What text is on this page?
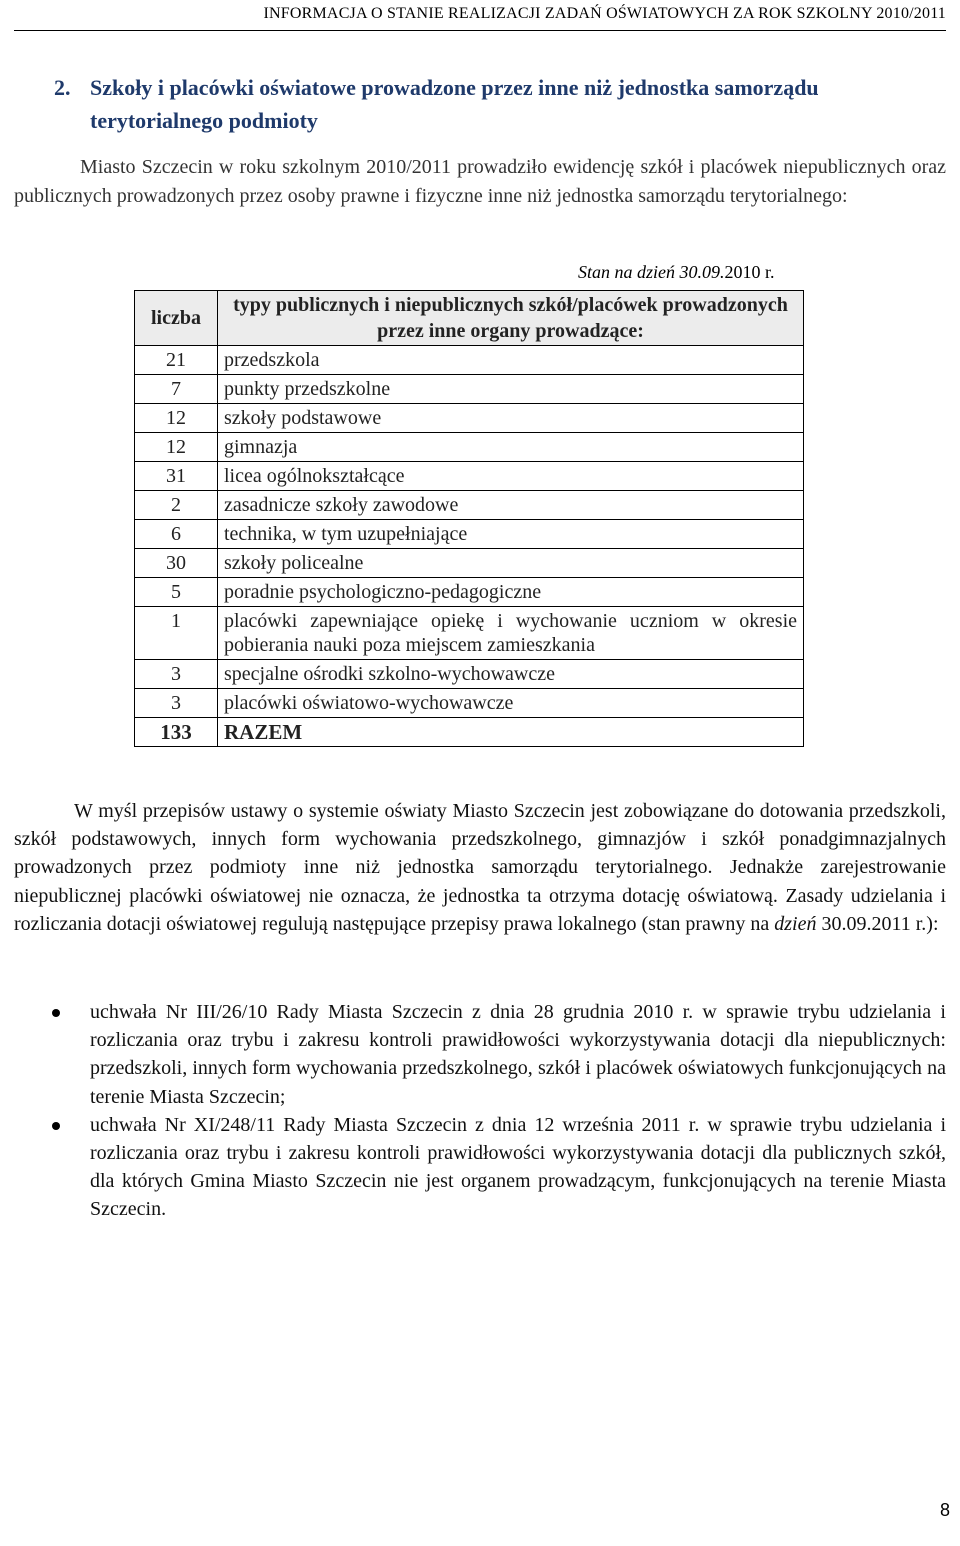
INFORMACJA O STANIE REALIZACJI ZADAŃ OŚWIATOWYCH ZA ROK SZKOLNY 2010/2011
2. Szkoły i placówki oświatowe prowadzone przez inne niż jednostka samorządu terytorialnego podmioty
Miasto Szczecin w roku szkolnym 2010/2011 prowadziło ewidencję szkół i placówek niepublicznych oraz publicznych prowadzonych przez osoby prawne i fizyczne inne niż jednostka samorządu terytorialnego:
Stan na dzień 30.09.2010 r.
liczba	typy publicznych i niepublicznych szkół/placówek prowadzonych przez inne organy prowadzące:
21	przedszkola
7	punkty przedszkolne
12	szkoły podstawowe
12	gimnazja
31	licea ogólnokształcące
2	zasadnicze szkoły zawodowe
6	technika, w tym uzupełniające
30	szkoły policealne
5	poradnie psychologiczno-pedagogiczne
1	placówki zapewniające opiekę i wychowanie uczniom w okresie pobierania nauki poza miejscem zamieszkania
3	specjalne ośrodki szkolno-wychowawcze
3	placówki oświatowo-wychowawcze
133	RAZEM
W myśl przepisów ustawy o systemie oświaty Miasto Szczecin jest zobowiązane do dotowania przedszkoli, szkół podstawowych, innych form wychowania przedszkolnego, gimnazjów i szkół ponadgimnazjalnych prowadzonych przez podmioty inne niż jednostka samorządu terytorialnego. Jednakże zarejestrowanie niepublicznej placówki oświatowej nie oznacza, że jednostka ta otrzyma dotację oświatową. Zasady udzielania i rozliczania dotacji oświatowej regulują następujące przepisy prawa lokalnego (stan prawny na dzień 30.09.2011 r.):
uchwała Nr III/26/10 Rady Miasta Szczecin z dnia 28 grudnia 2010 r. w sprawie trybu udzielania i rozliczania oraz trybu i zakresu kontroli prawidłowości wykorzystywania dotacji dla niepublicznych: przedszkoli, innych form wychowania przedszkolnego, szkół i placówek oświatowych funkcjonujących na terenie Miasta Szczecin;
uchwała Nr XI/248/11 Rady Miasta Szczecin z dnia 12 września 2011 r. w sprawie trybu udzielania i rozliczania oraz trybu i zakresu kontroli prawidłowości wykorzystywania dotacji dla publicznych szkół, dla których Gmina Miasto Szczecin nie jest organem prowadzącym, funkcjonujących na terenie Miasta Szczecin.
8
